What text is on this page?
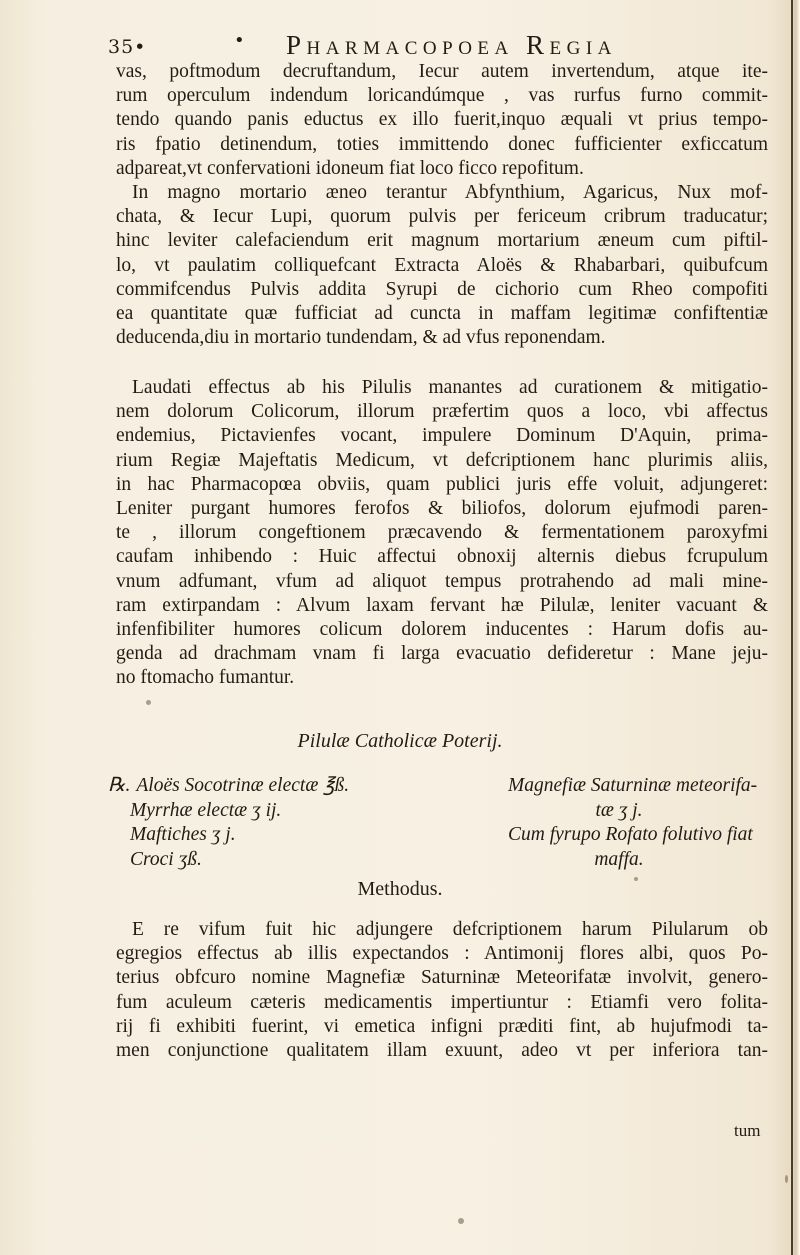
35•	• Pharmacopoea Regia
vas, poftmodum decruftandum, Iecur autem invertendum, atque ite-
rum operculum indendum loricandúmque , vas rurfus furno commit-
tendo quando panis eductus ex illo fuerit,inquo æquali vt prius tempo-
ris fpatio detinendum, toties immittendo donec fufficienter exficcatum
adpareat,vt confervationi idoneum fiat loco ficco repofitum.
In magno mortario æneo terantur Abfynthium, Agaricus, Nux mof-
chata, & Iecur Lupi, quorum pulvis per fericeum cribrum traducatur;
hinc leviter calefaciendum erit magnum mortarium æneum cum piftil-
lo, vt paulatim colliquefcant Extracta Aloës & Rhabarbari, quibufcum
commifcendus Pulvis addita Syrupi de cichorio cum Rheo compofiti
ea quantitate quæ fufficiat ad cuncta in maffam legitimæ confiftentiæ
deducenda,diu in mortario tundendam, & ad vfus reponendam.
Laudati effectus ab his Pilulis manantes ad curationem & mitigatio-
nem dolorum Colicorum, illorum præfertim quos a loco, vbi affectus
endemius, Pictavienfes vocant, impulere Dominum D'Aquin, prima-
rium Regiæ Majeftatis Medicum, vt defcriptionem hanc plurimis aliis,
in hac Pharmacopœa obviis, quam publici juris effe voluit, adjungeret:
Leniter purgant humores ferofos & biliofos, dolorum ejufmodi paren-
te , illorum congeftionem præcavendo & fermentationem paroxyfmi
caufam inhibendo : Huic affectui obnoxij alternis diebus fcrupulum
vnum adfumant, vfum ad aliquot tempus protrahendo ad mali mine-
ram extirpandam : Alvum laxam fervant hæ Pilulæ, leniter vacuant &
infenfibiliter humores colicum dolorem inducentes : Harum dofis au-
genda ad drachmam vnam fi larga evacuatio defideretur : Mane jeju-
no ftomacho fumantur.
Pilulæ Catholicæ Poterij.
℞. Aloës Socotrinæ electæ ℥ß.
Myrrhæ electæ ʒ ij.
Maftiches ʒ j.
Croci ʒß.
Magnefiæ Saturninæ meteorifa-
tæ ʒ j.
Cum fyrupo Rofato folutivo fiat
maffa.
Methodus.
E re vifum fuit hic adjungere defcriptionem harum Pilularum ob
egregios effectus ab illis expectandos : Antimonij flores albi, quos Po-
terius obfcuro nomine Magnefiæ Saturninæ Meteorifatæ involvit, genero-
fum aculeum cæteris medicamentis impertiuntur : Etiamfi vero folita-
rij fi exhibiti fuerint, vi emetica infigni præditi fint, ab hujufmodi ta-
men conjunctione qualitatem illam exuunt, adeo vt per inferiora tan-
tum
